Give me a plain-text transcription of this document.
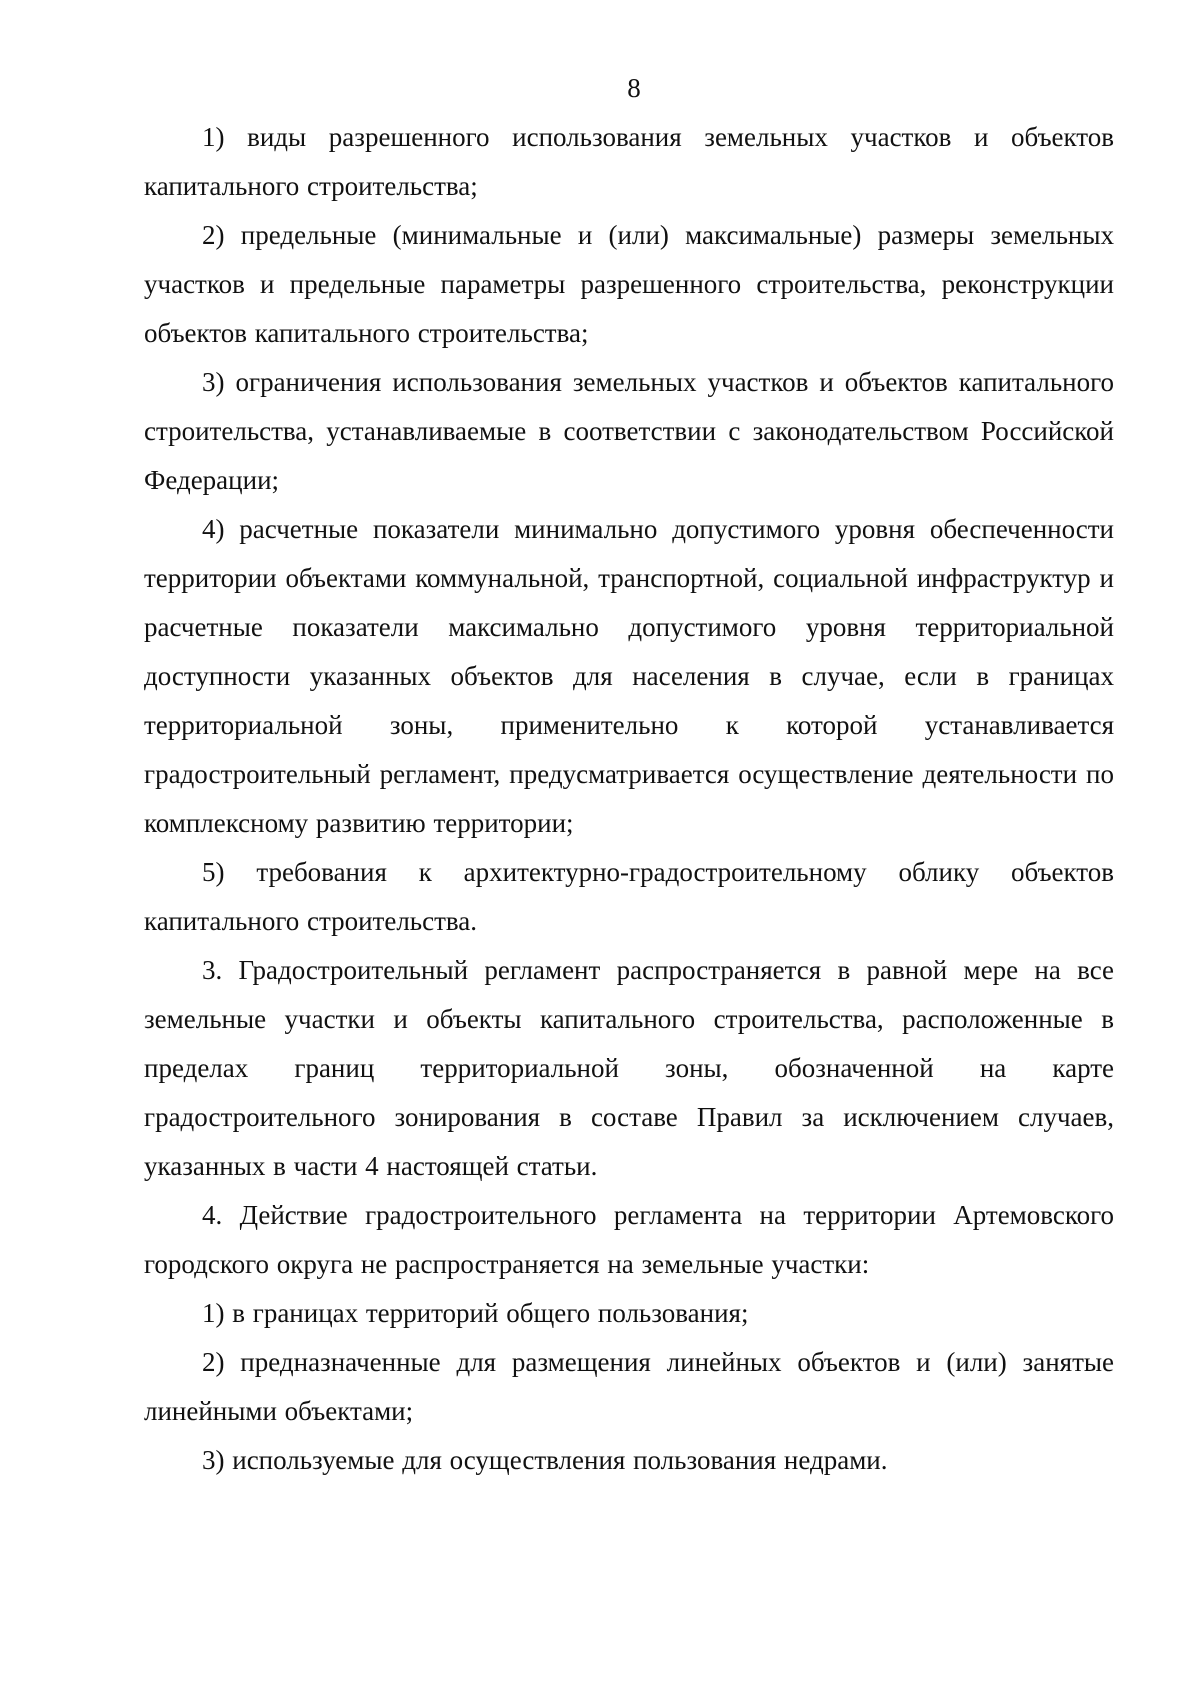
8

1) виды разрешенного использования земельных участков и объектов капитального строительства;

2) предельные (минимальные и (или) максимальные) размеры земельных участков и предельные параметры разрешенного строительства, реконструкции объектов капитального строительства;

3) ограничения использования земельных участков и объектов капитального строительства, устанавливаемые в соответствии с законодательством Российской Федерации;

4) расчетные показатели минимально допустимого уровня обеспеченности территории объектами коммунальной, транспортной, социальной инфраструктур и расчетные показатели максимально допустимого уровня территориальной доступности указанных объектов для населения в случае, если в границах территориальной зоны, применительно к которой устанавливается градостроительный регламент, предусматривается осуществление деятельности по комплексному развитию территории;

5) требования к архитектурно-градостроительному облику объектов капитального строительства.

3. Градостроительный регламент распространяется в равной мере на все земельные участки и объекты капитального строительства, расположенные в пределах границ территориальной зоны, обозначенной на карте градостроительного зонирования в составе Правил за исключением случаев, указанных в части 4 настоящей статьи.

4. Действие градостроительного регламента на территории Артемовского городского округа не распространяется на земельные участки:

1) в границах территорий общего пользования;

2) предназначенные для размещения линейных объектов и (или) занятые линейными объектами;

3) используемые для осуществления пользования недрами.
